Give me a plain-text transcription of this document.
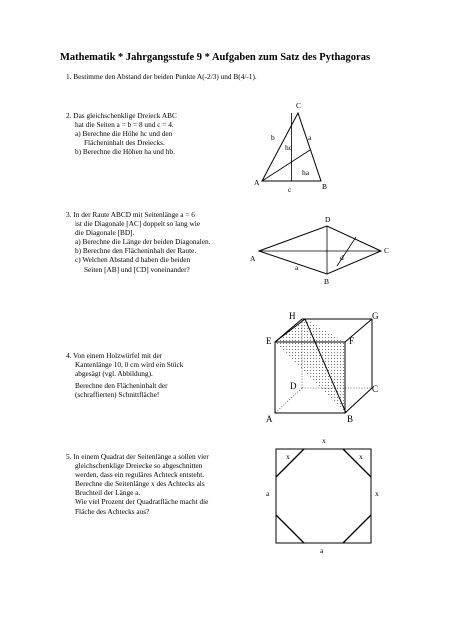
Mathematik * Jahrgangsstufe 9 * Aufgaben zum Satz des Pythagoras
1. Bestimme den Abstand der beiden Punkte A(-2/3) und B(4/-1).
2. Das gleichschenklige Dreieck ABC
hat die Seiten a = b = 8 und c = 4.
a) Berechne die Höhe hc und den
Flächeninhalt des Dreiecks.
b) Berechne die Höhen ha und hb.
C
A	B
a
b
c
hc
ha
3. In der Raute ABCD mit Seitenlänge a = 6
ist die Diagonale [AC] doppelt so lang wie
die Diagonale [BD].
a) Berechne die Länge der beiden Diagonalen.
b) Berechne den Flächeninhalt der Raute.
c) Welchen Abstand d haben die beiden
Seiten [AB] und [CD] voneinander?
A
B
C
D
a
d
4. Von einem Holzwürfel mit der
Kantenlänge 10, 0 cm wird ein Stück
abgesägt (vgl. Abbildung).
Berechne den Flächeninhalt der
(schraffierten) Schnittfläche!
H	G
E	F
D	C
A	B
5. In einem Quadrat der Seitenlänge a sollen vier
gleichschenklige Dreiecke so abgeschnitten
werden, dass ein reguläres Achteck entsteht.
Berechne die Seitenlänge x des Achtecks als
Bruchteil der Länge a.
Wie viel Prozent der Quadratfläche macht die
Fläche des Achtecks aus?
x
x	x
x
a
a
